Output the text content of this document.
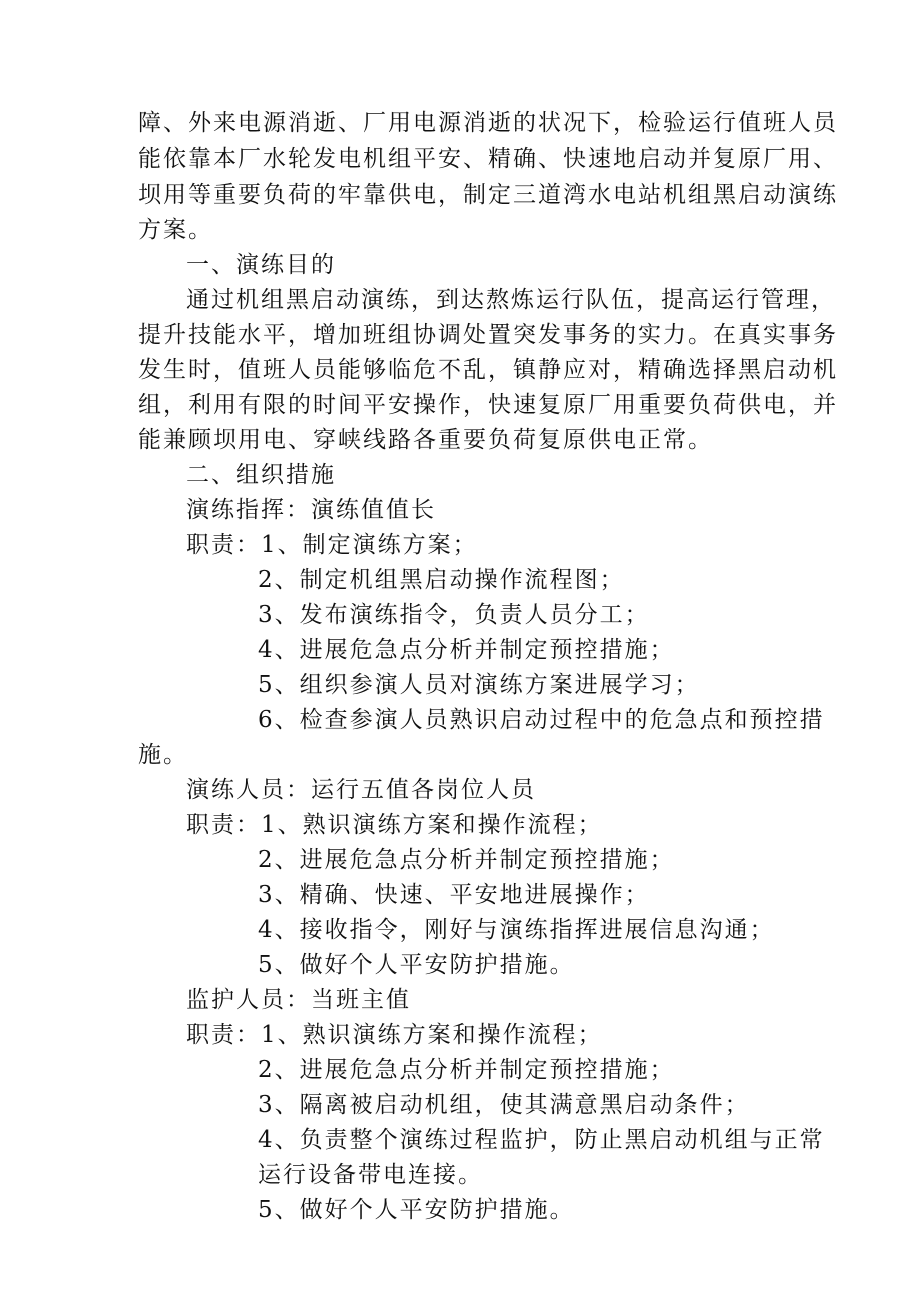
障、外来电源消逝、厂用电源消逝的状况下，检验运行值班人员
能依靠本厂水轮发电机组平安、精确、快速地启动并复原厂用、
坝用等重要负荷的牢靠供电，制定三道湾水电站机组黑启动演练
方案。
一、演练目的
通过机组黑启动演练，到达熬炼运行队伍，提高运行管理，
提升技能水平，增加班组协调处置突发事务的实力。在真实事务
发生时，值班人员能够临危不乱，镇静应对，精确选择黑启动机
组，利用有限的时间平安操作，快速复原厂用重要负荷供电，并
能兼顾坝用电、穿峡线路各重要负荷复原供电正常。
二、组织措施
演练指挥：演练值值长
职责：1、制定演练方案；
2、制定机组黑启动操作流程图；
3、发布演练指令，负责人员分工；
4、进展危急点分析并制定预控措施；
5、组织参演人员对演练方案进展学习；
6、检查参演人员熟识启动过程中的危急点和预控措
施。
演练人员：运行五值各岗位人员
职责：1、熟识演练方案和操作流程；
2、进展危急点分析并制定预控措施；
3、精确、快速、平安地进展操作；
4、接收指令，刚好与演练指挥进展信息沟通；
5、做好个人平安防护措施。
监护人员：当班主值
职责：1、熟识演练方案和操作流程；
2、进展危急点分析并制定预控措施；
3、隔离被启动机组，使其满意黑启动条件；
4、负责整个演练过程监护，防止黑启动机组与正常
运行设备带电连接。
5、做好个人平安防护措施。
